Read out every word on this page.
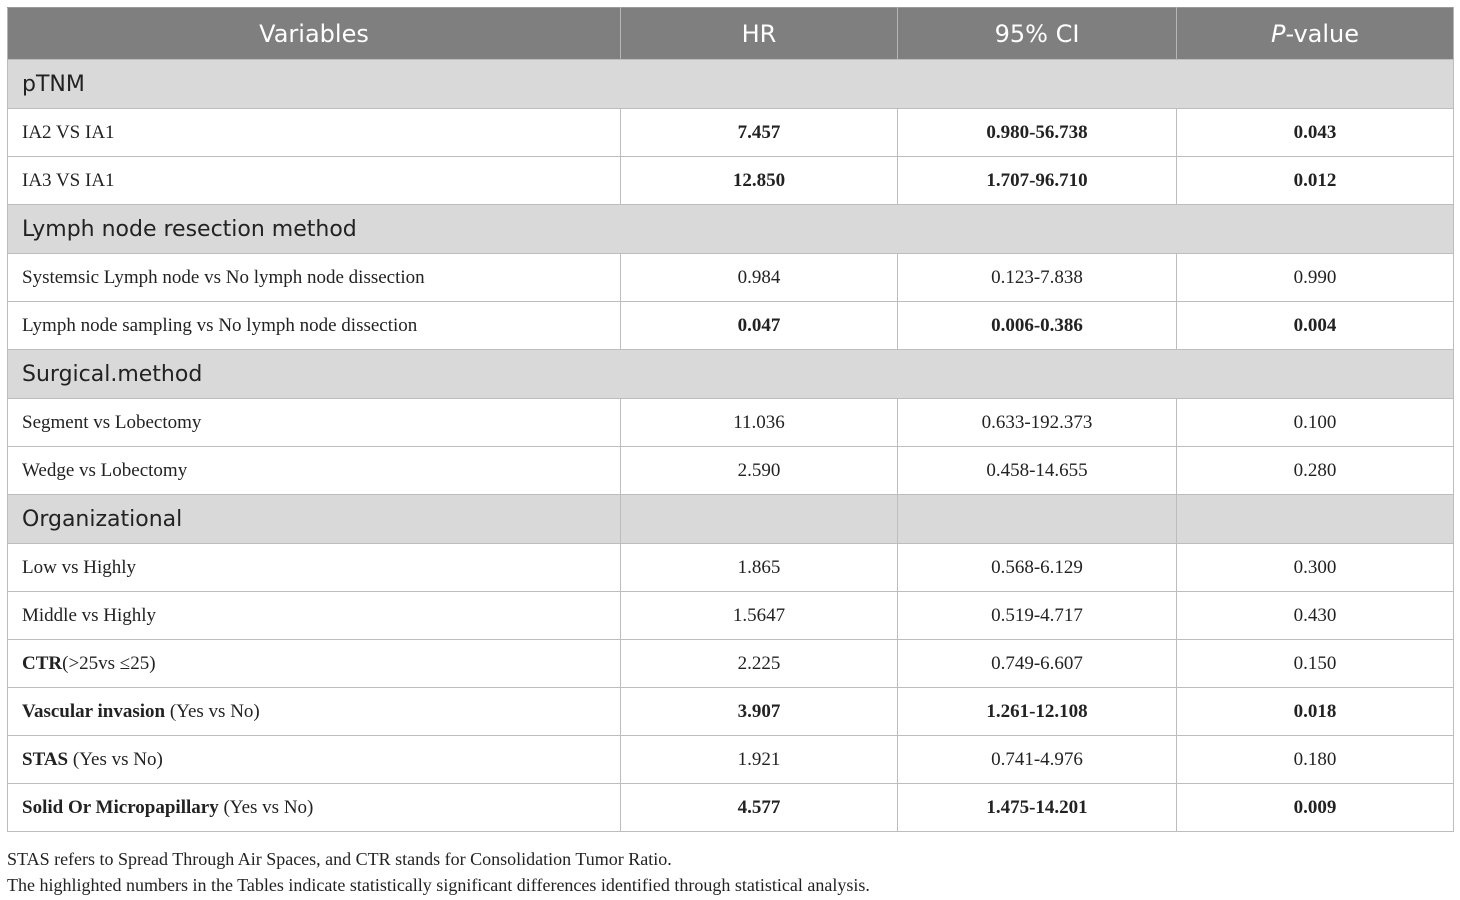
Variables	HR	95% CI	P-value
pTNM			
IA2 VS IA1	7.457	0.980-56.738	0.043
IA3 VS IA1	12.850	1.707-96.710	0.012
Lymph node resection method			
Systemsic Lymph node vs No lymph node dissection	0.984	0.123-7.838	0.990
Lymph node sampling vs No lymph node dissection	0.047	0.006-0.386	0.004
Surgical.method			
Segment vs Lobectomy	11.036	0.633-192.373	0.100
Wedge vs Lobectomy	2.590	0.458-14.655	0.280
Organizational			
Low vs Highly	1.865	0.568-6.129	0.300
Middle vs Highly	1.5647	0.519-4.717	0.430
CTR(>25vs ≤25)	2.225	0.749-6.607	0.150
Vascular invasion (Yes vs No)	3.907	1.261-12.108	0.018
STAS (Yes vs No)	1.921	0.741-4.976	0.180
Solid Or Micropapillary (Yes vs No)	4.577	1.475-14.201	0.009
STAS refers to Spread Through Air Spaces, and CTR stands for Consolidation Tumor Ratio.
The highlighted numbers in the Tables indicate statistically significant differences identified through statistical analysis.
